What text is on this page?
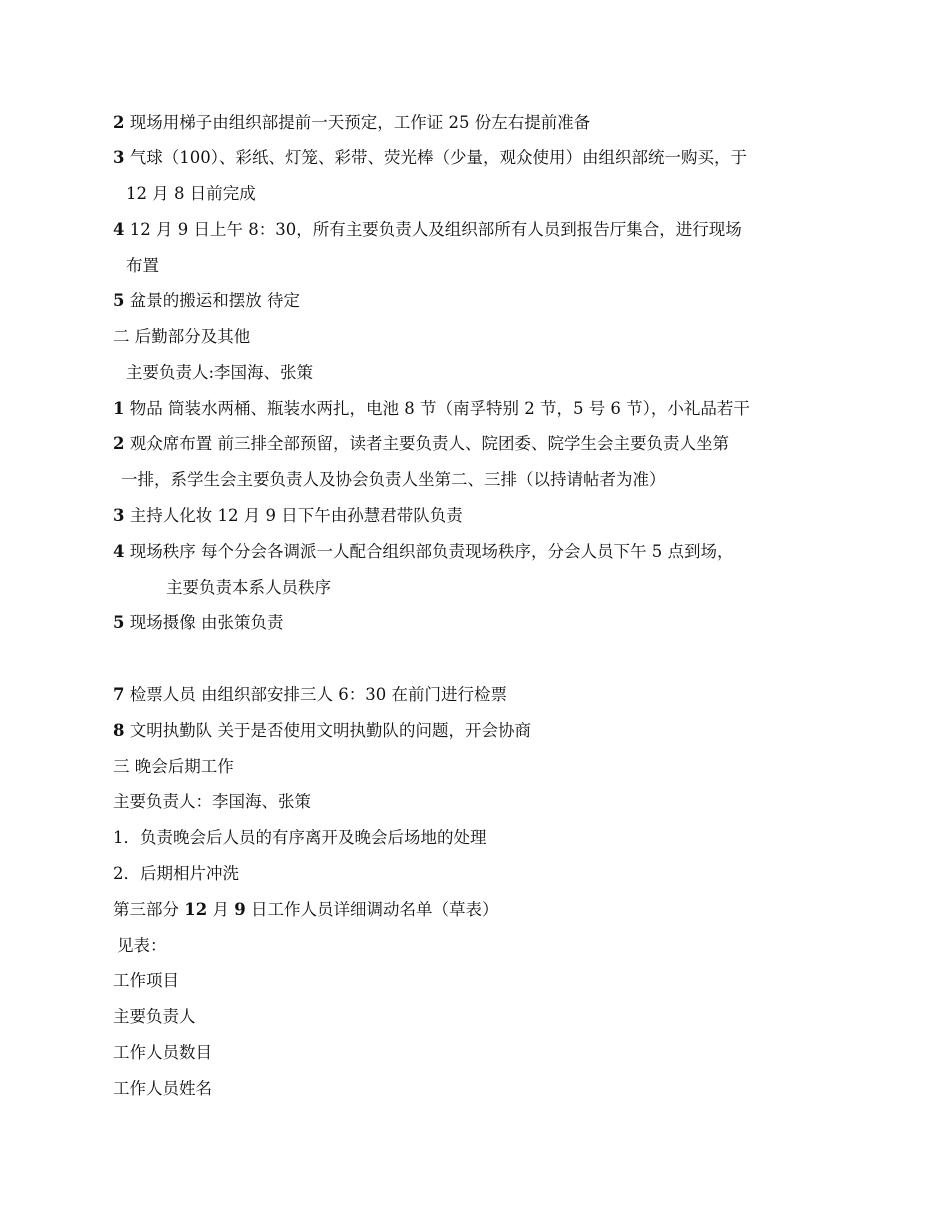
2 现场用梯子由组织部提前一天预定，工作证 25 份左右提前准备
3 气球（100）、彩纸、灯笼、彩带、荧光棒（少量，观众使用）由组织部统一购买，于
12 月 8 日前完成
4 12 月 9 日上午 8：30，所有主要负责人及组织部所有人员到报告厅集合，进行现场
布置
5 盆景的搬运和摆放 待定
二 后勤部分及其他
主要负责人:李国海、张策
1 物品 筒装水两桶、瓶装水两扎，电池 8 节（南孚特别 2 节，5 号 6 节），小礼品若干
2 观众席布置 前三排全部预留，读者主要负责人、院团委、院学生会主要负责人坐第
一排，系学生会主要负责人及协会负责人坐第二、三排（以持请帖者为准）
3 主持人化妆 12 月 9 日下午由孙慧君带队负责
4 现场秩序 每个分会各调派一人配合组织部负责现场秩序，分会人员下午 5 点到场，
主要负责本系人员秩序
5 现场摄像 由张策负责
7 检票人员 由组织部安排三人 6：30 在前门进行检票
8 文明执勤队 关于是否使用文明执勤队的问题，开会协商
三 晚会后期工作
主要负责人：李国海、张策
1．负责晚会后人员的有序离开及晚会后场地的处理
2．后期相片冲洗
第三部分 12 月 9 日工作人员详细调动名单（草表）
见表：
工作项目
主要负责人
工作人员数目
工作人员姓名
